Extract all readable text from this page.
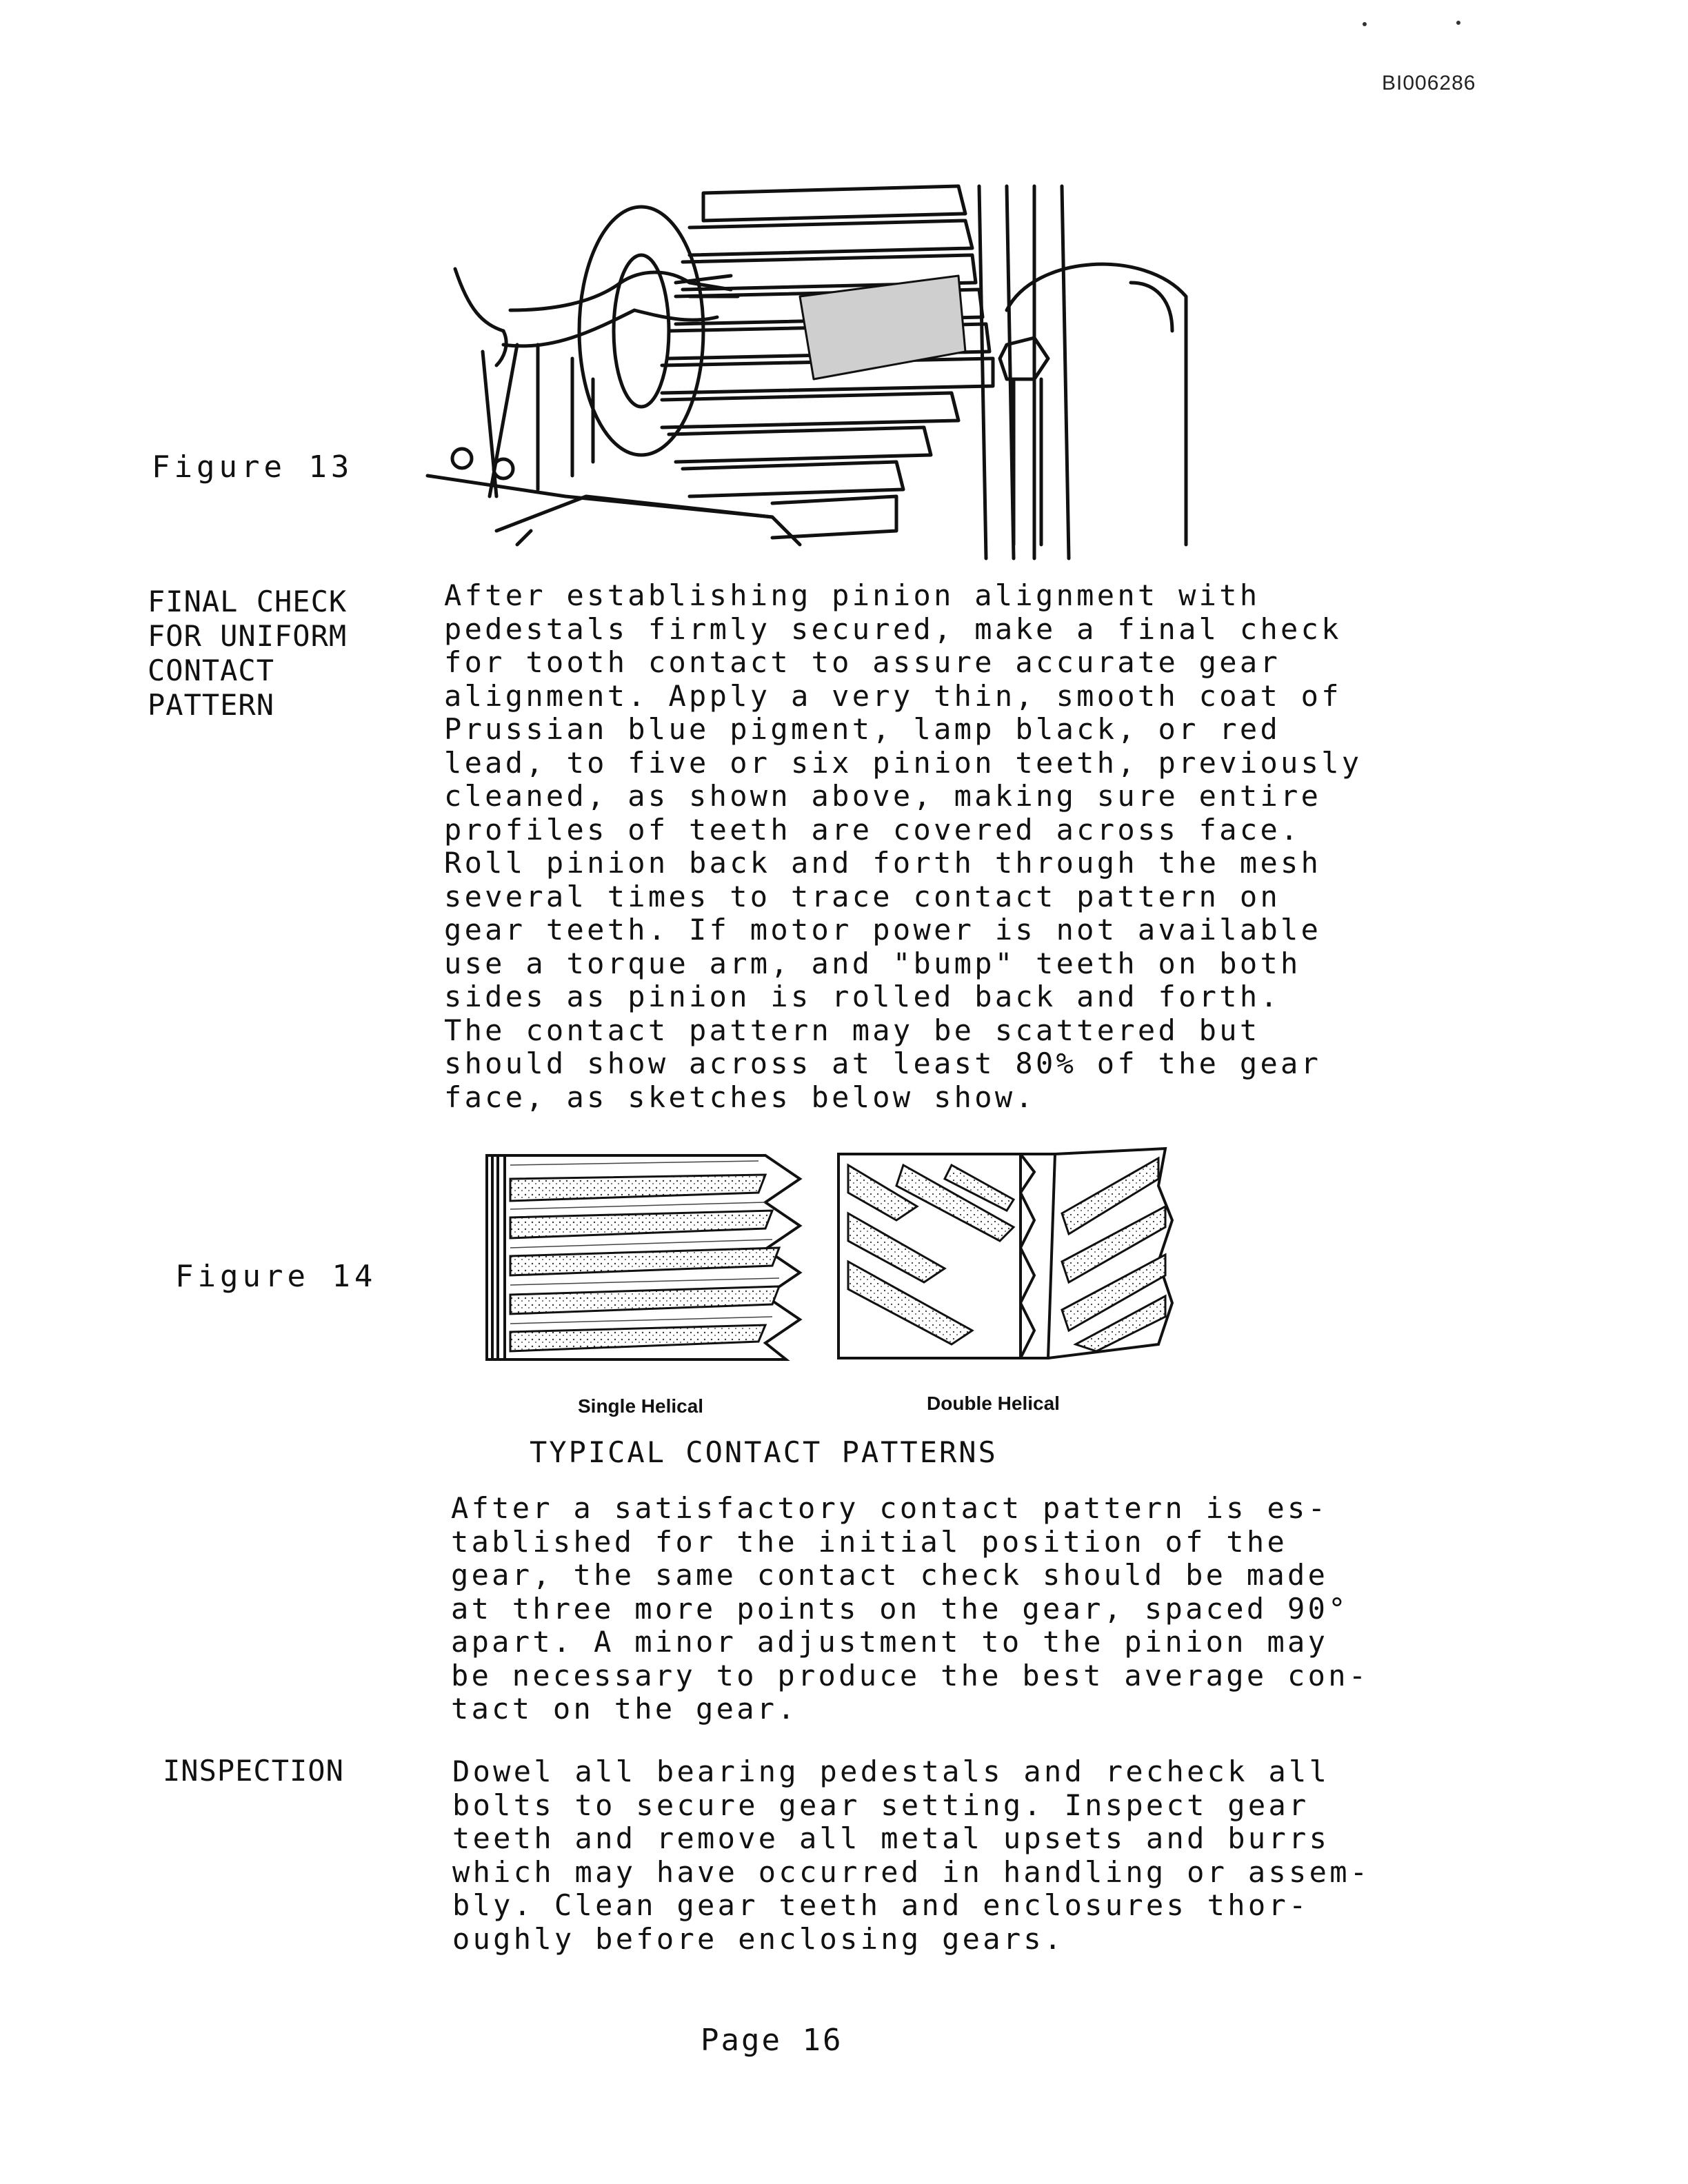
BI006286
Figure 13
FINAL CHECK
FOR UNIFORM
CONTACT
PATTERN
After establishing pinion alignment with
pedestals firmly secured, make a final check
for tooth contact to assure accurate gear
alignment. Apply a very thin, smooth coat of
Prussian blue pigment, lamp black, or red
lead, to five or six pinion teeth, previously
cleaned, as shown above, making sure entire
profiles of teeth are covered across face.
Roll pinion back and forth through the mesh
several times to trace contact pattern on
gear teeth. If motor power is not available
use a torque arm, and "bump" teeth on both
sides as pinion is rolled back and forth.
The contact pattern may be scattered but
should show across at least 80% of the gear
face, as sketches below show.
Figure 14
Single Helical	Double Helical
TYPICAL CONTACT PATTERNS
After a satisfactory contact pattern is es-
tablished for the initial position of the
gear, the same contact check should be made
at three more points on the gear, spaced 90°
apart. A minor adjustment to the pinion may
be necessary to produce the best average con-
tact on the gear.
INSPECTION	Dowel all bearing pedestals and recheck all
bolts to secure gear setting. Inspect gear
teeth and remove all metal upsets and burrs
which may have occurred in handling or assem-
bly. Clean gear teeth and enclosures thor-
oughly before enclosing gears.
Page 16
